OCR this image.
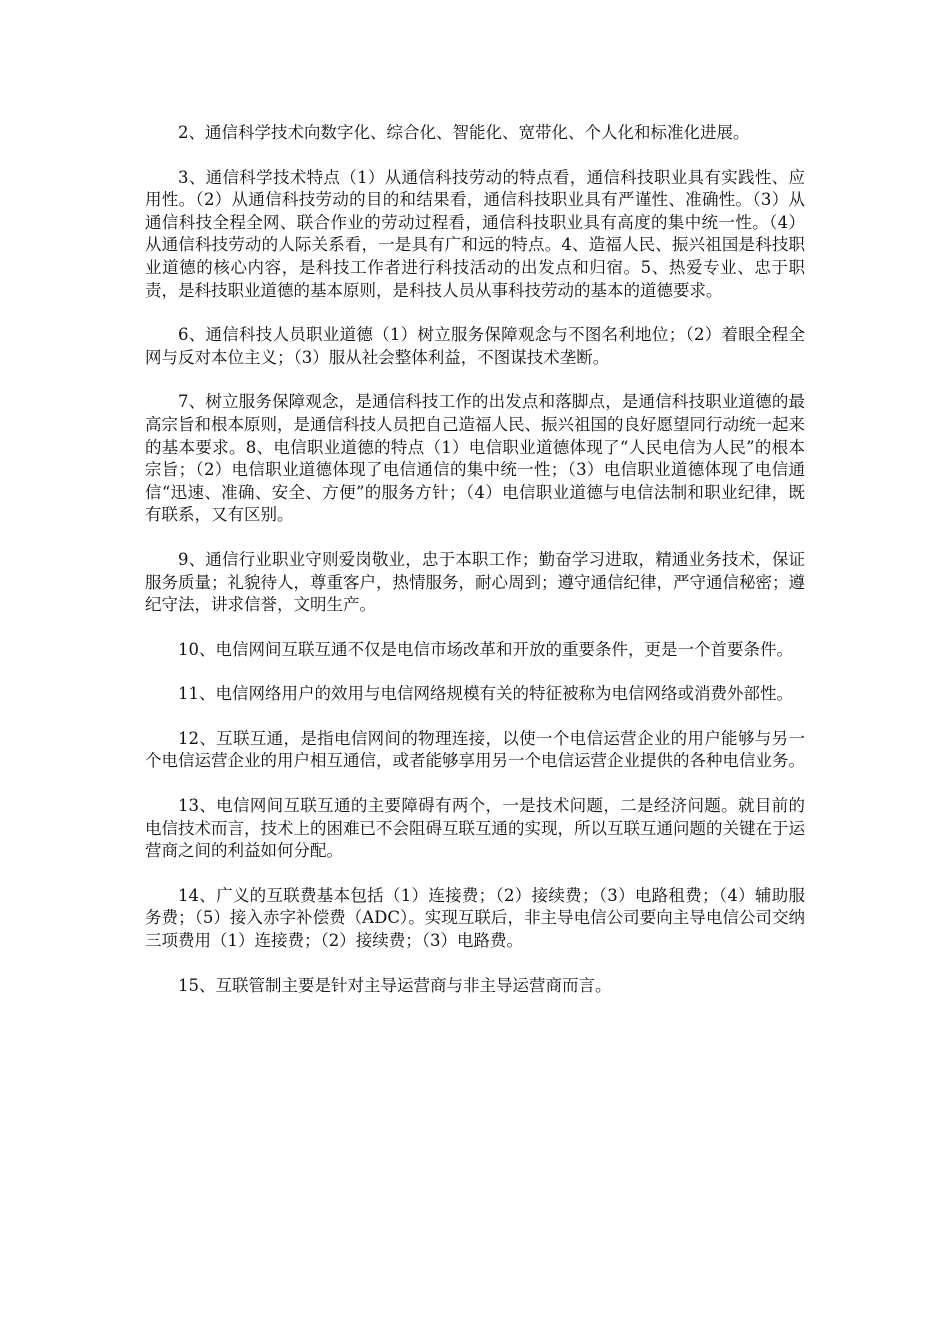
2、通信科学技术向数字化、综合化、智能化、宽带化、个人化和标准化进展。

3、通信科学技术特点（1）从通信科技劳动的特点看，通信科技职业具有实践性、应用性。（2）从通信科技劳动的目的和结果看，通信科技职业具有严谨性、准确性。（3）从通信科技全程全网、联合作业的劳动过程看，通信科技职业具有高度的集中统一性。（4）从通信科技劳动的人际关系看，一是具有广和远的特点。4、造福人民、振兴祖国是科技职业道德的核心内容，是科技工作者进行科技活动的出发点和归宿。5、热爱专业、忠于职责，是科技职业道德的基本原则，是科技人员从事科技劳动的基本的道德要求。

6、通信科技人员职业道德（1）树立服务保障观念与不图名利地位；（2）着眼全程全网与反对本位主义；（3）服从社会整体利益，不图谋技术垄断。

7、树立服务保障观念，是通信科技工作的出发点和落脚点，是通信科技职业道德的最高宗旨和根本原则，是通信科技人员把自己造福人民、振兴祖国的良好愿望同行动统一起来的基本要求。8、电信职业道德的特点（1）电信职业道德体现了“人民电信为人民”的根本宗旨；（2）电信职业道德体现了电信通信的集中统一性；（3）电信职业道德体现了电信通信“迅速、准确、安全、方便”的服务方针；（4）电信职业道德与电信法制和职业纪律，既有联系，又有区别。

9、通信行业职业守则爱岗敬业，忠于本职工作；勤奋学习进取，精通业务技术，保证服务质量；礼貌待人，尊重客户，热情服务，耐心周到；遵守通信纪律，严守通信秘密；遵纪守法，讲求信誉，文明生产。

10、电信网间互联互通不仅是电信市场改革和开放的重要条件，更是一个首要条件。

11、电信网络用户的效用与电信网络规模有关的特征被称为电信网络或消费外部性。

12、互联互通，是指电信网间的物理连接，以使一个电信运营企业的用户能够与另一个电信运营企业的用户相互通信，或者能够享用另一个电信运营企业提供的各种电信业务。

13、电信网间互联互通的主要障碍有两个，一是技术问题，二是经济问题。就目前的电信技术而言，技术上的困难已不会阻碍互联互通的实现，所以互联互通问题的关键在于运营商之间的利益如何分配。

14、广义的互联费基本包括（1）连接费；（2）接续费；（3）电路租费；（4）辅助服务费；（5）接入赤字补偿费（ADC）。实现互联后，非主导电信公司要向主导电信公司交纳三项费用（1）连接费；（2）接续费；（3）电路费。

15、互联管制主要是针对主导运营商与非主导运营商而言。
